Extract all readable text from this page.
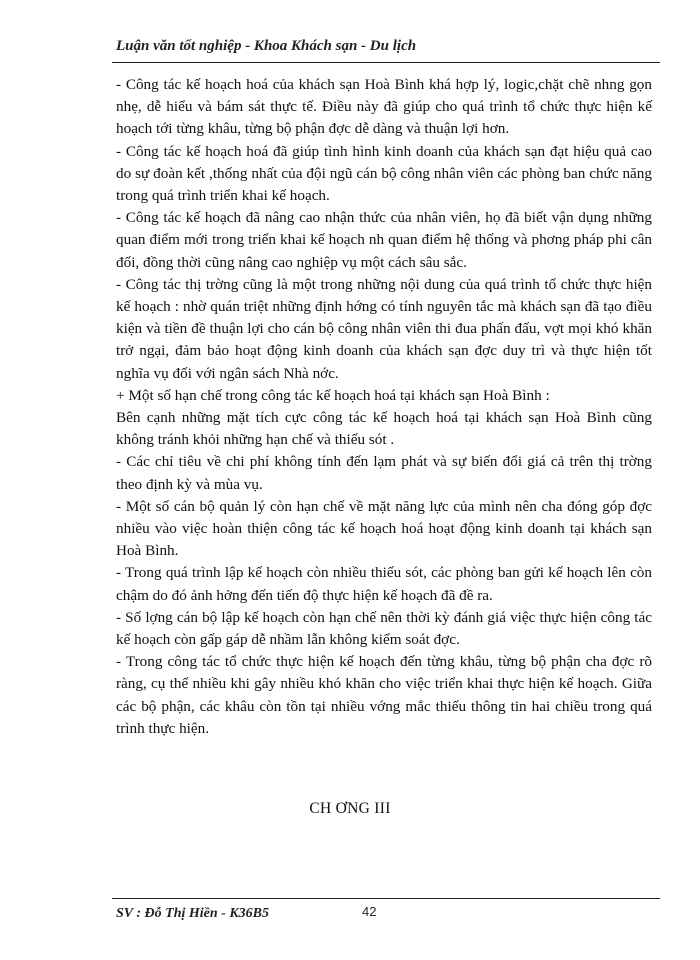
Luận văn tốt nghiệp - Khoa Khách sạn - Du lịch

- Công tác kế hoạch hoá của khách sạn Hoà Bình khá hợp lý, logic,chặt chẽ nhng gọn nhẹ, dễ hiểu và bám sát thực tế. Điều này đã giúp cho quá trình tổ chức thực hiện kế hoạch tới từng khâu, từng bộ phận đợc dễ dàng và thuận lợi hơn.

- Công tác kế hoạch hoá đã giúp tình hình kinh doanh của khách sạn đạt hiệu quả cao do sự đoàn kết ,thống nhất của đội ngũ cán bộ công nhân viên các phòng ban chức năng trong quá trình triển khai kế hoạch.

- Công tác kế hoạch đã nâng cao nhận thức của nhân viên, họ đã biết vận dụng những quan điểm mới trong triển khai kế hoạch nh quan điểm hệ thống và phơng pháp phi cân đối, đồng thời cũng nâng cao nghiệp vụ một cách sâu sắc.

- Công tác thị trờng cũng là một trong những nội dung của quá trình tổ chức thực hiện kế hoạch : nhờ quán triệt những định hớng có tính nguyên tắc mà khách sạn đã tạo điều kiện và tiền đề thuận lợi cho cán bộ công nhân viên thi đua phấn đấu, vợt mọi khó khăn trở ngại, đảm bảo hoạt động kinh doanh của khách sạn đợc duy trì và thực hiện tốt nghĩa vụ đối với ngân sách Nhà nớc.

+ Một số hạn chế trong công tác kế hoạch hoá tại khách sạn Hoà Bình :

Bên cạnh những mặt tích cực công tác kế hoạch hoá tại khách sạn Hoà Bình cũng không tránh khỏi những hạn chế và thiếu sót .

- Các chỉ tiêu về chi phí không tính đến lạm phát và sự biến đổi giá cả trên thị trờng theo định kỳ và mùa vụ.

- Một số cán bộ quản lý còn hạn chế về mặt năng lực của mình nên cha đóng góp đợc nhiều vào việc hoàn thiện công tác kế hoạch hoá hoạt động kinh doanh tại khách sạn Hoà Bình.

- Trong quá trình lập kế hoạch còn nhiều thiếu sót, các phòng ban gửi kế hoạch lên còn chậm do đó ảnh hởng đến tiến độ thực hiện kế hoạch đã đề ra.

- Số lợng cán bộ lập kế hoạch còn hạn chế nên thời kỳ đánh giá việc thực hiện công tác kế hoạch còn gấp gáp dễ nhầm lẫn không kiểm soát đợc.

- Trong công tác tổ chức thực hiện kế hoạch đến từng khâu, từng bộ phận cha đợc rõ ràng, cụ thể nhiều khi gây nhiều khó khăn cho việc triển khai thực hiện kế hoạch. Giữa các bộ phận, các khâu còn tồn tại nhiều vớng mắc thiếu thông tin hai chiều trong quá trình thực hiện.

CH ƠNG III
SV : Đỗ Thị Hiền - K36B5	42
